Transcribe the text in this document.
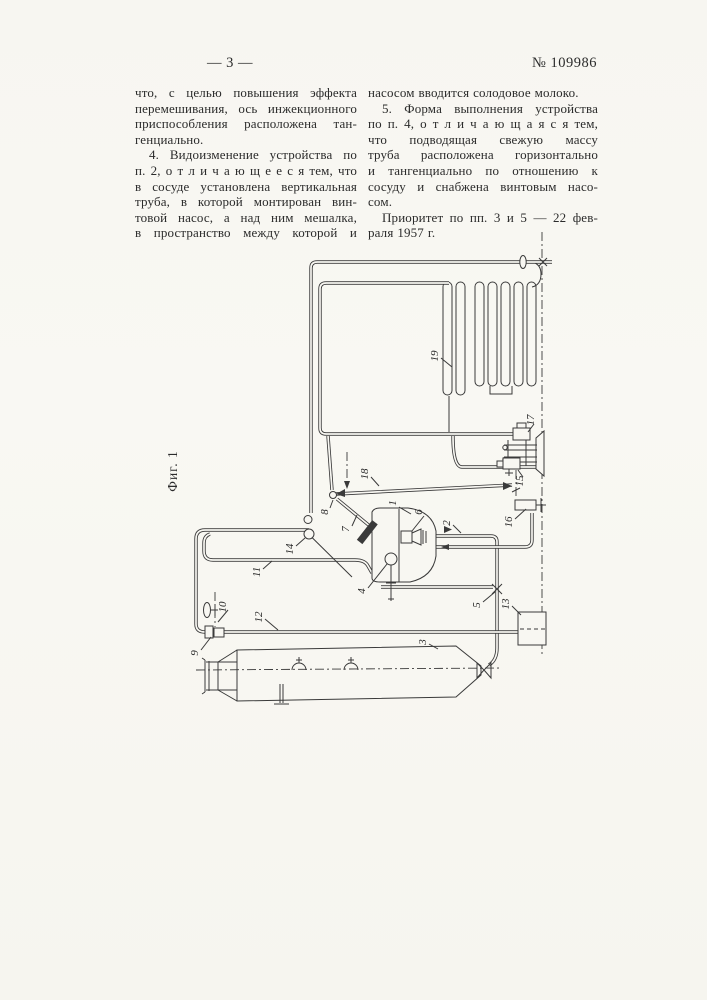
— 3 —	№ 109986
что, с целью повышения эффекта
перемешивания, ось инжекционного
приспособления расположена тан-
генциально.
4. Видоизменение устройства по
п. 2, о т л и ч а ю щ е е с я тем, что
в сосуде установлена вертикальная
труба, в которой монтирован вин-
товой насос, а над ним мешалка,
в пространство между которой и
насосом вводится солодовое молоко.
5. Форма выполнения устройства
по п. 4, о т л и ч а ю щ а я с я тем,
что подводящая свежую массу
труба расположена горизонтально
и тангенциально по отношению к
сосуду и снабжена винтовым насо-
сом.
Приоритет по пп. 3 и 5 — 22 фев-
раля 1957 г.
1
2
3
4
5
6
7
8
9
10
11
12
13
14
15
16
17
18
19
Фиг. 1
